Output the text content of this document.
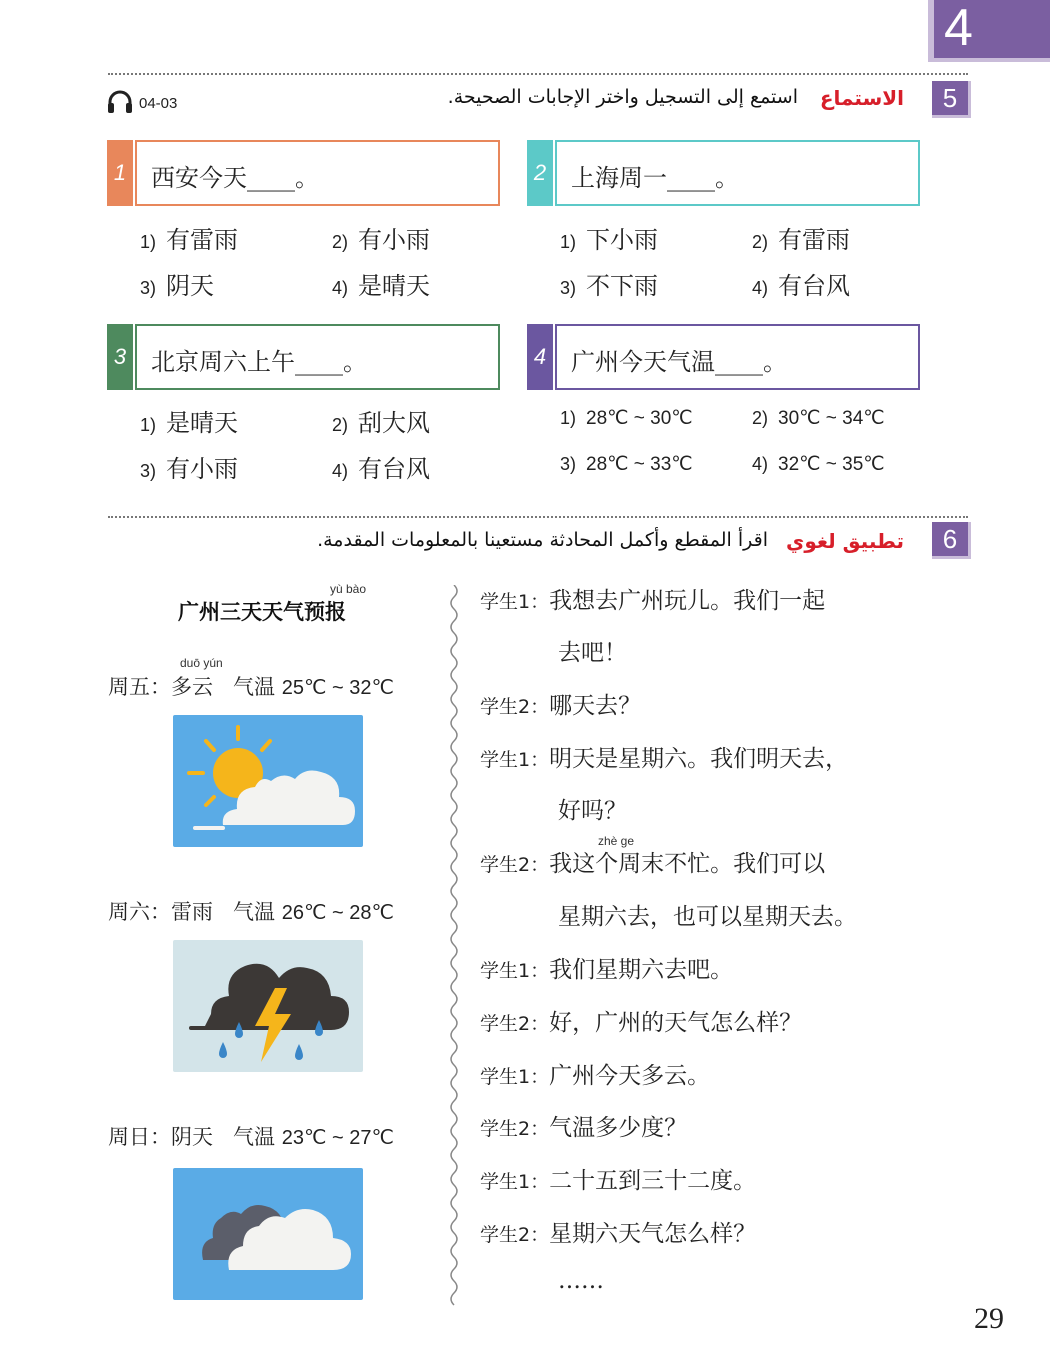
4
04-03	استمع إلى التسجيل واختر الإجابات الصحيحة. الاستماع	5
1 西安今天____。
1) 有雷雨	2) 有小雨
3) 阴天	4) 是晴天
2 上海周一____。
1) 下小雨	2) 有雷雨
3) 不下雨	4) 有台风
3 北京周六上午____。
1) 是晴天	2) 刮大风
3) 有小雨	4) 有台风
4 广州今天气温____。
1) 28℃ ~ 30℃	2) 30℃ ~ 34℃
3) 28℃ ~ 33℃	4) 32℃ ~ 35℃
اقرأ المقطع وأكمل المحادثة مستعينا بالمعلومات المقدمة. تطبيق لغوي	6
yù bào
广州三天天气预报
duō yún
周五：多云 气温 25℃ ~ 32℃
周六：雷雨 气温 26℃ ~ 28℃
周日：阴天 气温 23℃ ~ 27℃
学生1：我想去广州玩儿。我们一起
去吧！
学生2：哪天去？
学生1：明天是星期六。我们明天去，
好吗？
zhè ge
学生2：我这个周末不忙。我们可以
星期六去，也可以星期天去。
学生1：我们星期六去吧。
学生2：好，广州的天气怎么样？
学生1：广州今天多云。
学生2：气温多少度？
学生1：二十五到三十二度。
学生2：星期六天气怎么样？
……
29
